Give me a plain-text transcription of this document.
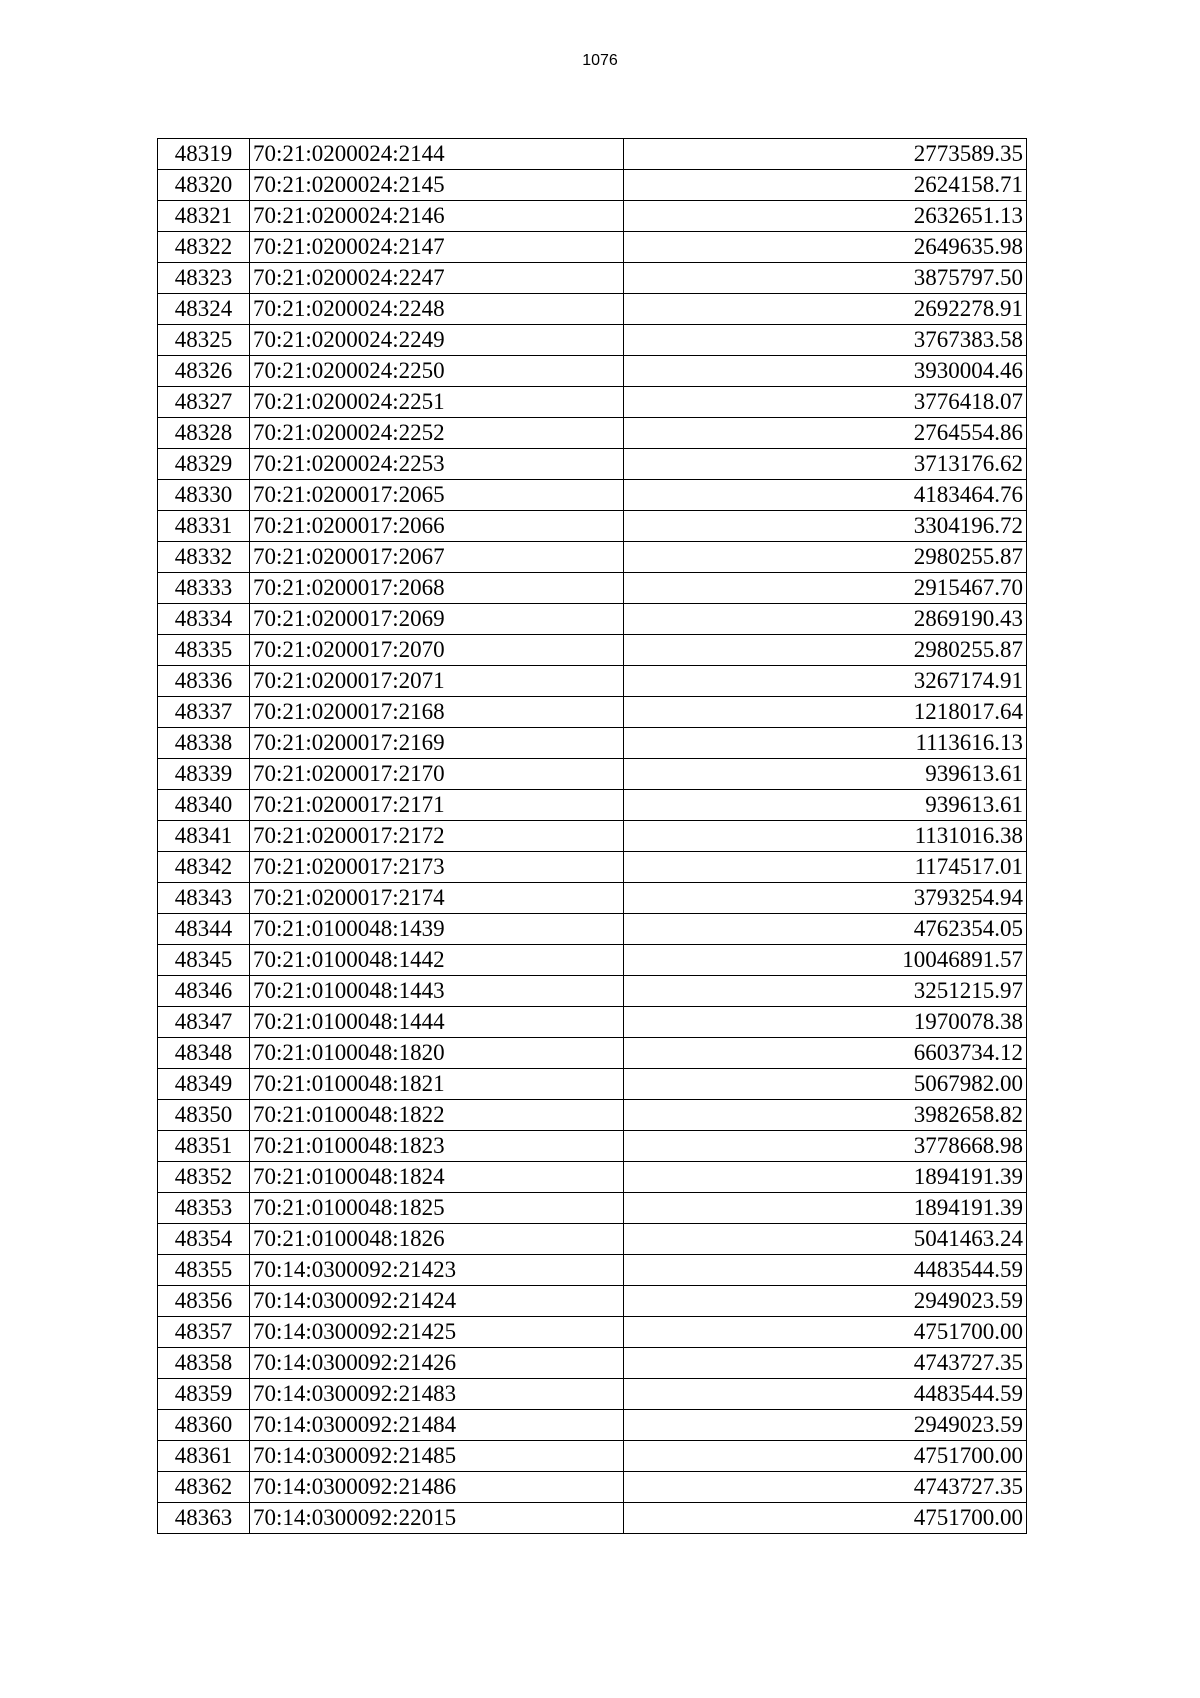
1076
48319	70:21:0200024:2144	2773589.35
48320	70:21:0200024:2145	2624158.71
48321	70:21:0200024:2146	2632651.13
48322	70:21:0200024:2147	2649635.98
48323	70:21:0200024:2247	3875797.50
48324	70:21:0200024:2248	2692278.91
48325	70:21:0200024:2249	3767383.58
48326	70:21:0200024:2250	3930004.46
48327	70:21:0200024:2251	3776418.07
48328	70:21:0200024:2252	2764554.86
48329	70:21:0200024:2253	3713176.62
48330	70:21:0200017:2065	4183464.76
48331	70:21:0200017:2066	3304196.72
48332	70:21:0200017:2067	2980255.87
48333	70:21:0200017:2068	2915467.70
48334	70:21:0200017:2069	2869190.43
48335	70:21:0200017:2070	2980255.87
48336	70:21:0200017:2071	3267174.91
48337	70:21:0200017:2168	1218017.64
48338	70:21:0200017:2169	1113616.13
48339	70:21:0200017:2170	939613.61
48340	70:21:0200017:2171	939613.61
48341	70:21:0200017:2172	1131016.38
48342	70:21:0200017:2173	1174517.01
48343	70:21:0200017:2174	3793254.94
48344	70:21:0100048:1439	4762354.05
48345	70:21:0100048:1442	10046891.57
48346	70:21:0100048:1443	3251215.97
48347	70:21:0100048:1444	1970078.38
48348	70:21:0100048:1820	6603734.12
48349	70:21:0100048:1821	5067982.00
48350	70:21:0100048:1822	3982658.82
48351	70:21:0100048:1823	3778668.98
48352	70:21:0100048:1824	1894191.39
48353	70:21:0100048:1825	1894191.39
48354	70:21:0100048:1826	5041463.24
48355	70:14:0300092:21423	4483544.59
48356	70:14:0300092:21424	2949023.59
48357	70:14:0300092:21425	4751700.00
48358	70:14:0300092:21426	4743727.35
48359	70:14:0300092:21483	4483544.59
48360	70:14:0300092:21484	2949023.59
48361	70:14:0300092:21485	4751700.00
48362	70:14:0300092:21486	4743727.35
48363	70:14:0300092:22015	4751700.00
